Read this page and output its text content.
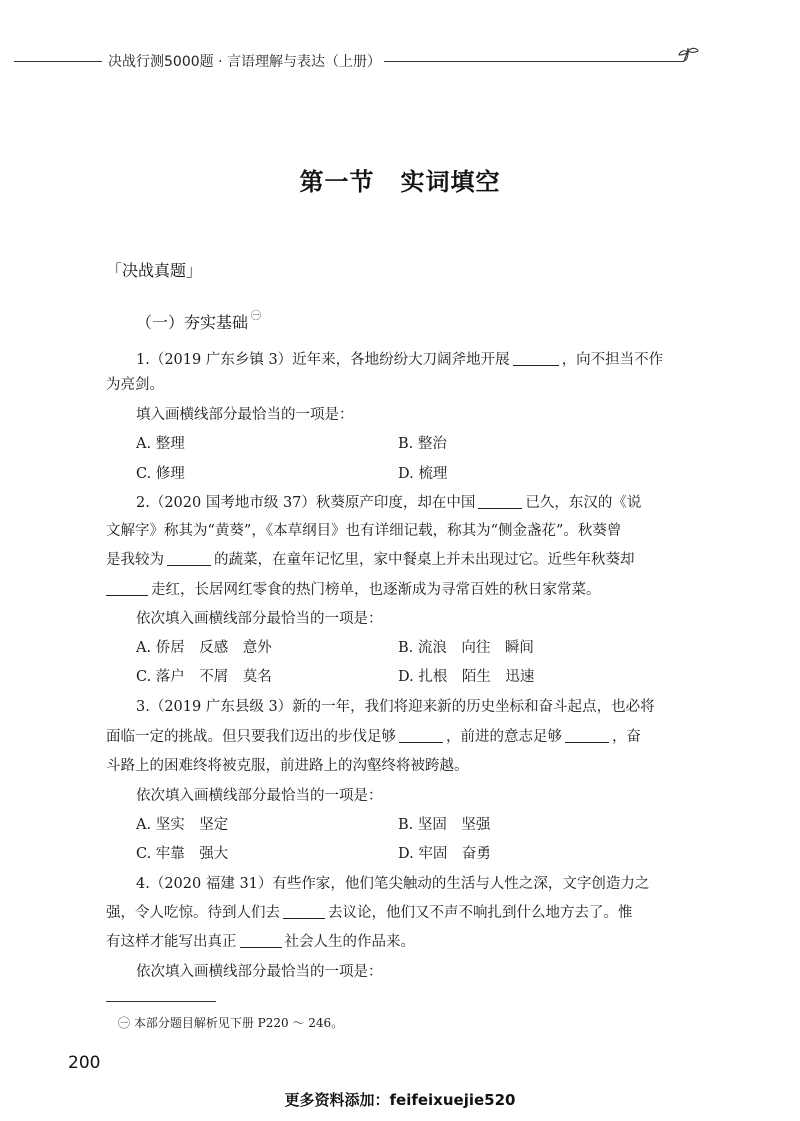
决战行测5000题 · 言语理解与表达（上册）
第一节 实词填空
「决战真题」
（一）夯实基础 $^㊀$
1.（2019 广东乡镇 3）近年来，各地纷纷大刀阔斧地开展	，向不担当不作
为亮剑。
填入画横线部分最恰当的一项是：
A. 整理	B. 整治
C. 修理	D. 梳理
2.（2020 国考地市级 37）秋葵原产印度，却在中国	已久，东汉的《说
文解字》称其为“黄葵”，《本草纲目》也有详细记载，称其为“侧金盏花”。秋葵曾
是我较为	的蔬菜，在童年记忆里，家中餐桌上并未出现过它。近些年秋葵却
走红，长居网红零食的热门榜单，也逐渐成为寻常百姓的秋日家常菜。
依次填入画横线部分最恰当的一项是：
A. 侨居　反感　意外	B. 流浪　向往　瞬间
C. 落户　不屑　莫名	D. 扎根　陌生　迅速
3.（2019 广东县级 3）新的一年，我们将迎来新的历史坐标和奋斗起点，也必将
面临一定的挑战。但只要我们迈出的步伐足够	，前进的意志足够	，奋
斗路上的困难终将被克服，前进路上的沟壑终将被跨越。
依次填入画横线部分最恰当的一项是：
A. 坚实　坚定	B. 坚固　坚强
C. 牢靠　强大	D. 牢固　奋勇
4.（2020 福建 31）有些作家，他们笔尖触动的生活与人性之深，文字创造力之
强，令人吃惊。待到人们去	去议论，他们又不声不响扎到什么地方去了。惟
有这样才能写出真正	社会人生的作品来。
依次填入画横线部分最恰当的一项是：
㊀ 本部分题目解析见下册 P220 ～ 246。
200
更多资料添加：feifeixuejie520
